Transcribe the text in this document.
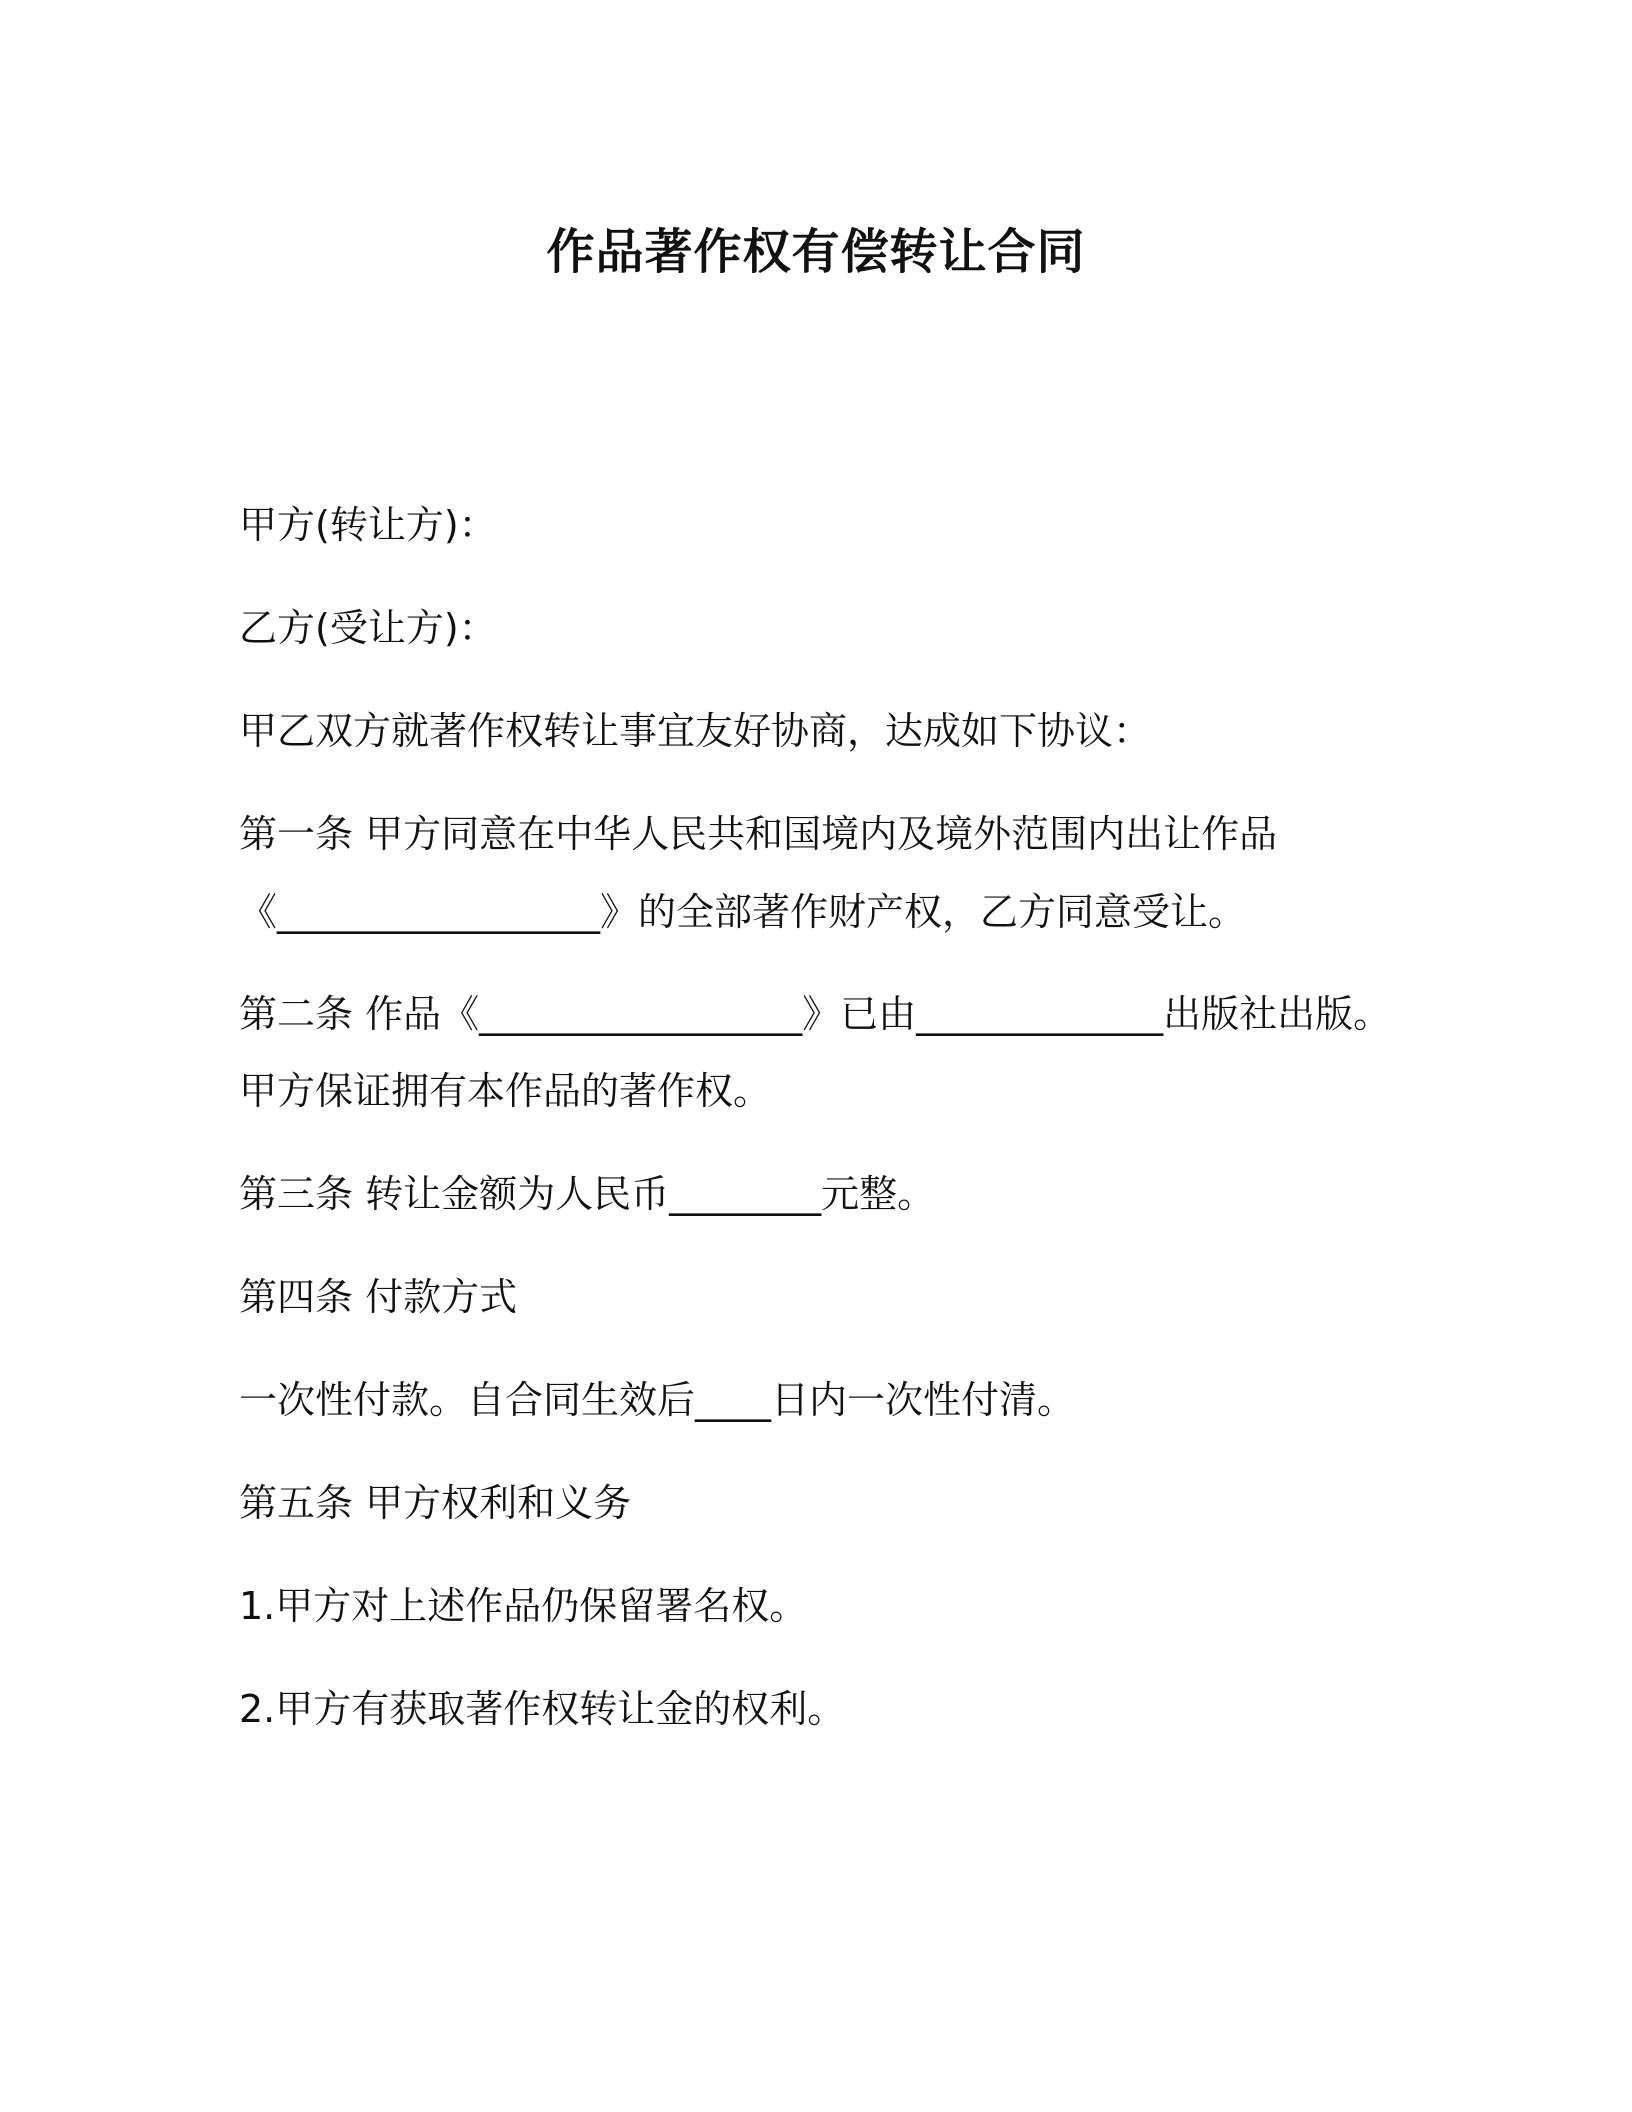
作品著作权有偿转让合同
甲方(转让方)：
乙方(受让方)：
甲乙双方就著作权转让事宜友好协商，达成如下协议：
第一条 甲方同意在中华人民共和国境内及境外范围内出让作品
《_________________》的全部著作财产权，乙方同意受让。
第二条 作品《_________________》已由_____________出版社出版。
甲方保证拥有本作品的著作权。
第三条 转让金额为人民币________元整。
第四条 付款方式
一次性付款。自合同生效后____日内一次性付清。
第五条 甲方权利和义务
1.甲方对上述作品仍保留署名权。
2.甲方有获取著作权转让金的权利。
